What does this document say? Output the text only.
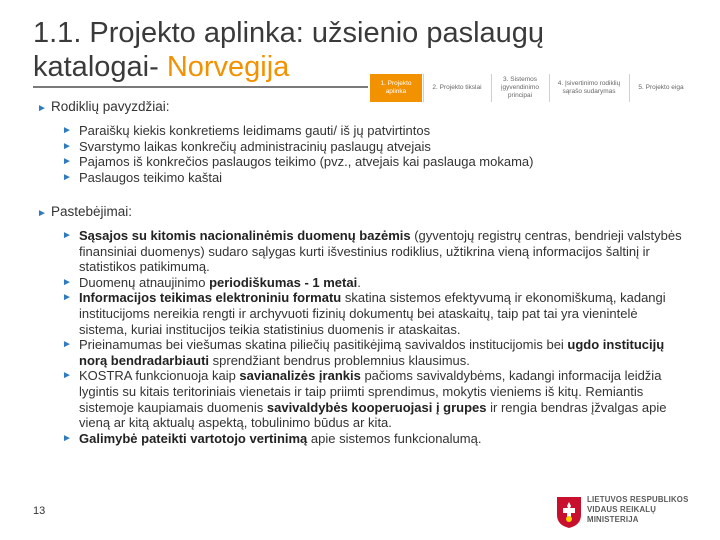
1.1. Projekto aplinka: užsienio paslaugų katalogai- Norvegija
1. Projekto aplinka
2. Projekto tikslai
3. Sistemos įgyvendinimo principai
4. Įsivertinimo rodiklių sąrašo sudarymas
5. Projekto eiga
► Rodiklių pavyzdžiai:
► Paraiškų kiekis konkretiems leidimams gauti/ iš jų patvirtintos
► Svarstymo laikas konkrečių administracinių paslaugų atvejais
► Pajamos iš konkrečios paslaugos teikimo (pvz., atvejais kai paslauga mokama)
► Paslaugos teikimo kaštai
► Pastebėjimai:
► Sąsajos su kitomis nacionalinėmis duomenų bazėmis (gyventojų registrų centras, bendrieji valstybės finansiniai duomenys) sudaro sąlygas kurti išvestinius rodiklius, užtikrina vieną informacijos šaltinį ir statistikos patikimumą.
► Duomenų atnaujinimo periodiškumas - 1 metai.
► Informacijos teikimas elektroniniu formatu skatina sistemos efektyvumą ir ekonomiškumą, kadangi institucijoms nereikia rengti ir archyvuoti fizinių dokumentų bei ataskaitų, taip pat tai yra vienintelė sistema, kuriai institucijos teikia statistinius duomenis ir ataskaitas.
► Prieinamumas bei viešumas skatina piliečių pasitikėjimą savivaldos institucijomis bei ugdo institucijų norą bendradarbiauti sprendžiant bendrus problemnius klausimus.
► KOSTRA funkcionuoja kaip savianalizės įrankis pačioms savivaldybėms, kadangi informacija leidžia lygintis su kitais teritoriniais vienetais ir taip priimti sprendimus, mokytis vieniems iš kitų. Remiantis sistemoje kaupiamais duomenis savivaldybės kooperuojasi į grupes ir rengia bendras įžvalgas apie vieną ar kitą aktualų aspektą, tobulinimo būdus ar kita.
► Galimybė pateikti vartotojo vertinimą apie sistemos funkcionalumą.
13
LIETUVOS RESPUBLIKOS
VIDAUS REIKALŲ
MINISTERIJA
